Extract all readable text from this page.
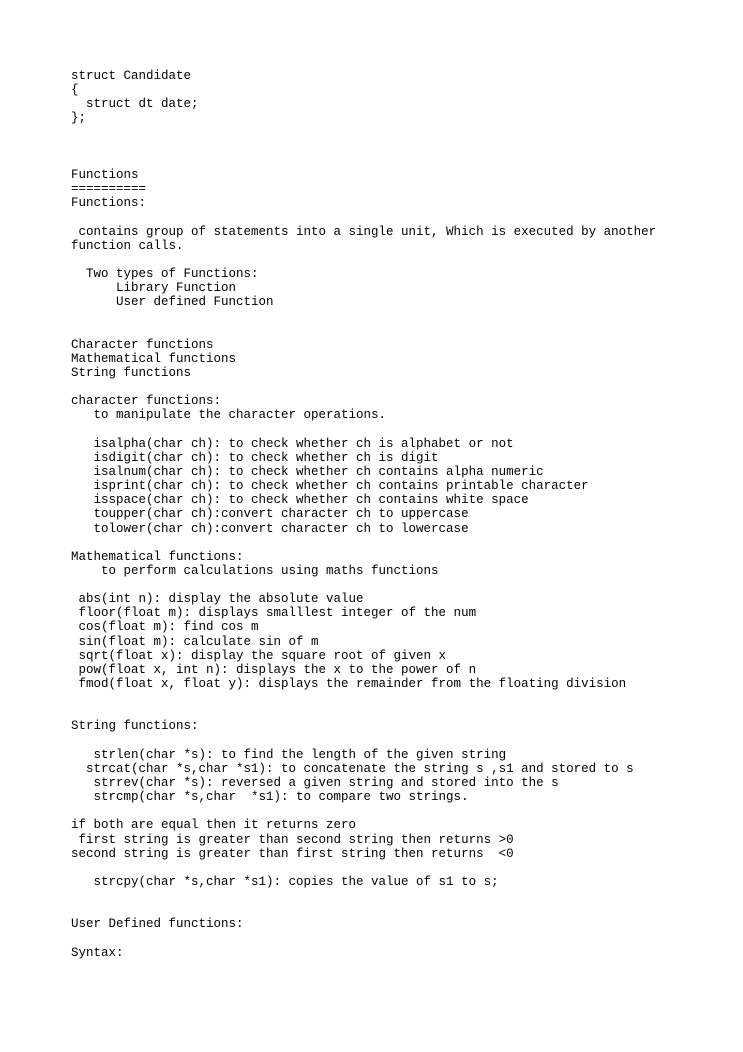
struct Candidate
{
struct dt date;
};
Functions
==========
Functions:
contains group of statements into a single unit, Which is executed by another
function calls.
Two types of Functions:
Library Function
User defined Function
Character functions
Mathematical functions
String functions
character functions:
to manipulate the character operations.
isalpha(char ch): to check whether ch is alphabet or not
isdigit(char ch): to check whether ch is digit
isalnum(char ch): to check whether ch contains alpha numeric
isprint(char ch): to check whether ch contains printable character
isspace(char ch): to check whether ch contains white space
toupper(char ch):convert character ch to uppercase
tolower(char ch):convert character ch to lowercase
Mathematical functions:
to perform calculations using maths functions
abs(int n): display the absolute value
floor(float m): displays smalllest integer of the num
cos(float m): find cos m
sin(float m): calculate sin of m
sqrt(float x): display the square root of given x
pow(float x, int n): displays the x to the power of n
fmod(float x, float y): displays the remainder from the floating division
String functions:
strlen(char *s): to find the length of the given string
strcat(char *s,char *s1): to concatenate the string s ,s1 and stored to s
strrev(char *s): reversed a given string and stored into the s
strcmp(char *s,char  *s1): to compare two strings.
if both are equal then it returns zero
first string is greater than second string then returns >0
second string is greater than first string then returns  <0
strcpy(char *s,char *s1): copies the value of s1 to s;
User Defined functions:
Syntax:
